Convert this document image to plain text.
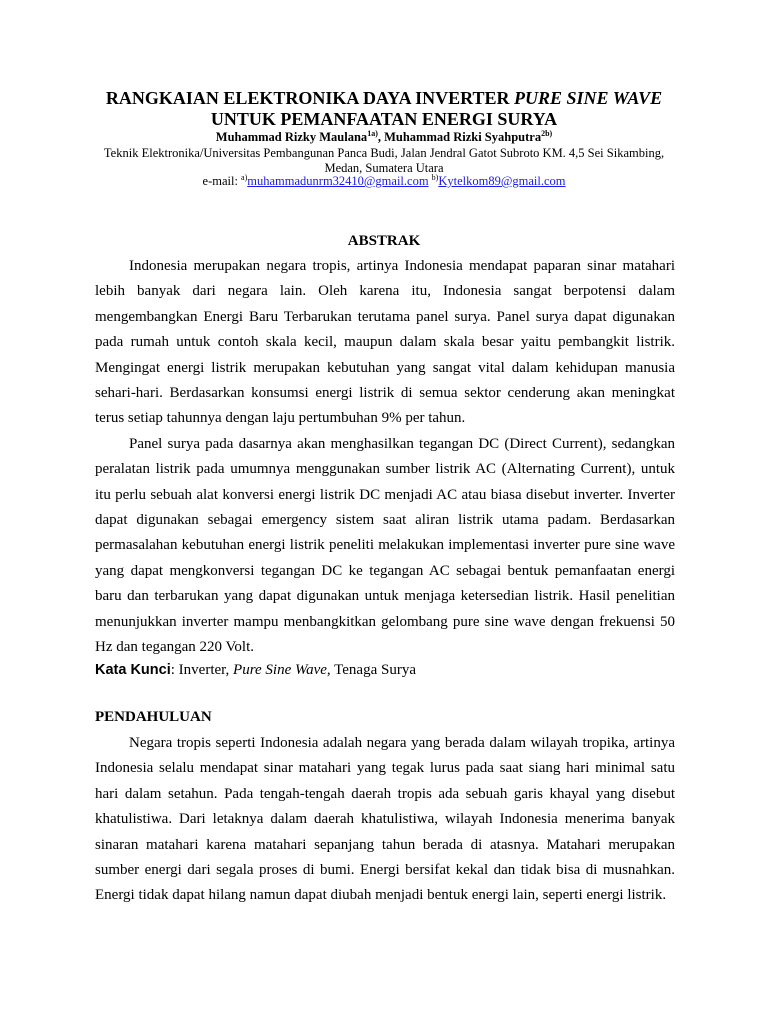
RANGKAIAN ELEKTRONIKA DAYA INVERTER PURE SINE WAVE
UNTUK PEMANFAATAN ENERGI SURYA
Muhammad Rizky Maulana$^{1a)}$, Muhammad Rizki Syahputra$^{2b)}$
Teknik Elektronika/Universitas Pembangunan Panca Budi, Jalan Jendral Gatot Subroto KM. 4,5 Sei Sikambing,
Medan, Sumatera Utara
e-mail: $^{a)}$muhammadunrm32410@gmail.com $^{b)}$Kytelkom89@gmail.com
ABSTRAK

Indonesia merupakan negara tropis, artinya Indonesia mendapat paparan sinar matahari lebih banyak dari negara lain. Oleh karena itu, Indonesia sangat berpotensi dalam mengembangkan Energi Baru Terbarukan terutama panel surya. Panel surya dapat digunakan pada rumah untuk contoh skala kecil, maupun dalam skala besar yaitu pembangkit listrik. Mengingat energi listrik merupakan kebutuhan yang sangat vital dalam kehidupan manusia sehari-hari. Berdasarkan konsumsi energi listrik di semua sektor cenderung akan meningkat terus setiap tahunnya dengan laju pertumbuhan 9% per tahun.

Panel surya pada dasarnya akan menghasilkan tegangan DC (Direct Current), sedangkan peralatan listrik pada umumnya menggunakan sumber listrik AC (Alternating Current), untuk itu perlu sebuah alat konversi energi listrik DC menjadi AC atau biasa disebut inverter. Inverter dapat digunakan sebagai emergency sistem saat aliran listrik utama padam. Berdasarkan permasalahan kebutuhan energi listrik peneliti melakukan implementasi inverter pure sine wave yang dapat mengkonversi tegangan DC ke tegangan AC sebagai bentuk pemanfaatan energi baru dan terbarukan yang dapat digunakan untuk menjaga ketersedian listrik. Hasil penelitian menunjukkan inverter mampu menbangkitkan gelombang pure sine wave dengan frekuensi 50 Hz dan tegangan 220 Volt.

Kata Kunci: Inverter, Pure Sine Wave, Tenaga Surya
PENDAHULUAN

Negara tropis seperti Indonesia adalah negara yang berada dalam wilayah tropika, artinya Indonesia selalu mendapat sinar matahari yang tegak lurus pada saat siang hari minimal satu hari dalam setahun. Pada tengah-tengah daerah tropis ada sebuah garis khayal yang disebut khatulistiwa. Dari letaknya dalam daerah khatulistiwa, wilayah Indonesia menerima banyak sinaran matahari karena matahari sepanjang tahun berada di atasnya. Matahari merupakan sumber energi dari segala proses di bumi. Energi bersifat kekal dan tidak bisa di musnahkan. Energi tidak dapat hilang namun dapat diubah menjadi bentuk energi lain, seperti energi listrik.
